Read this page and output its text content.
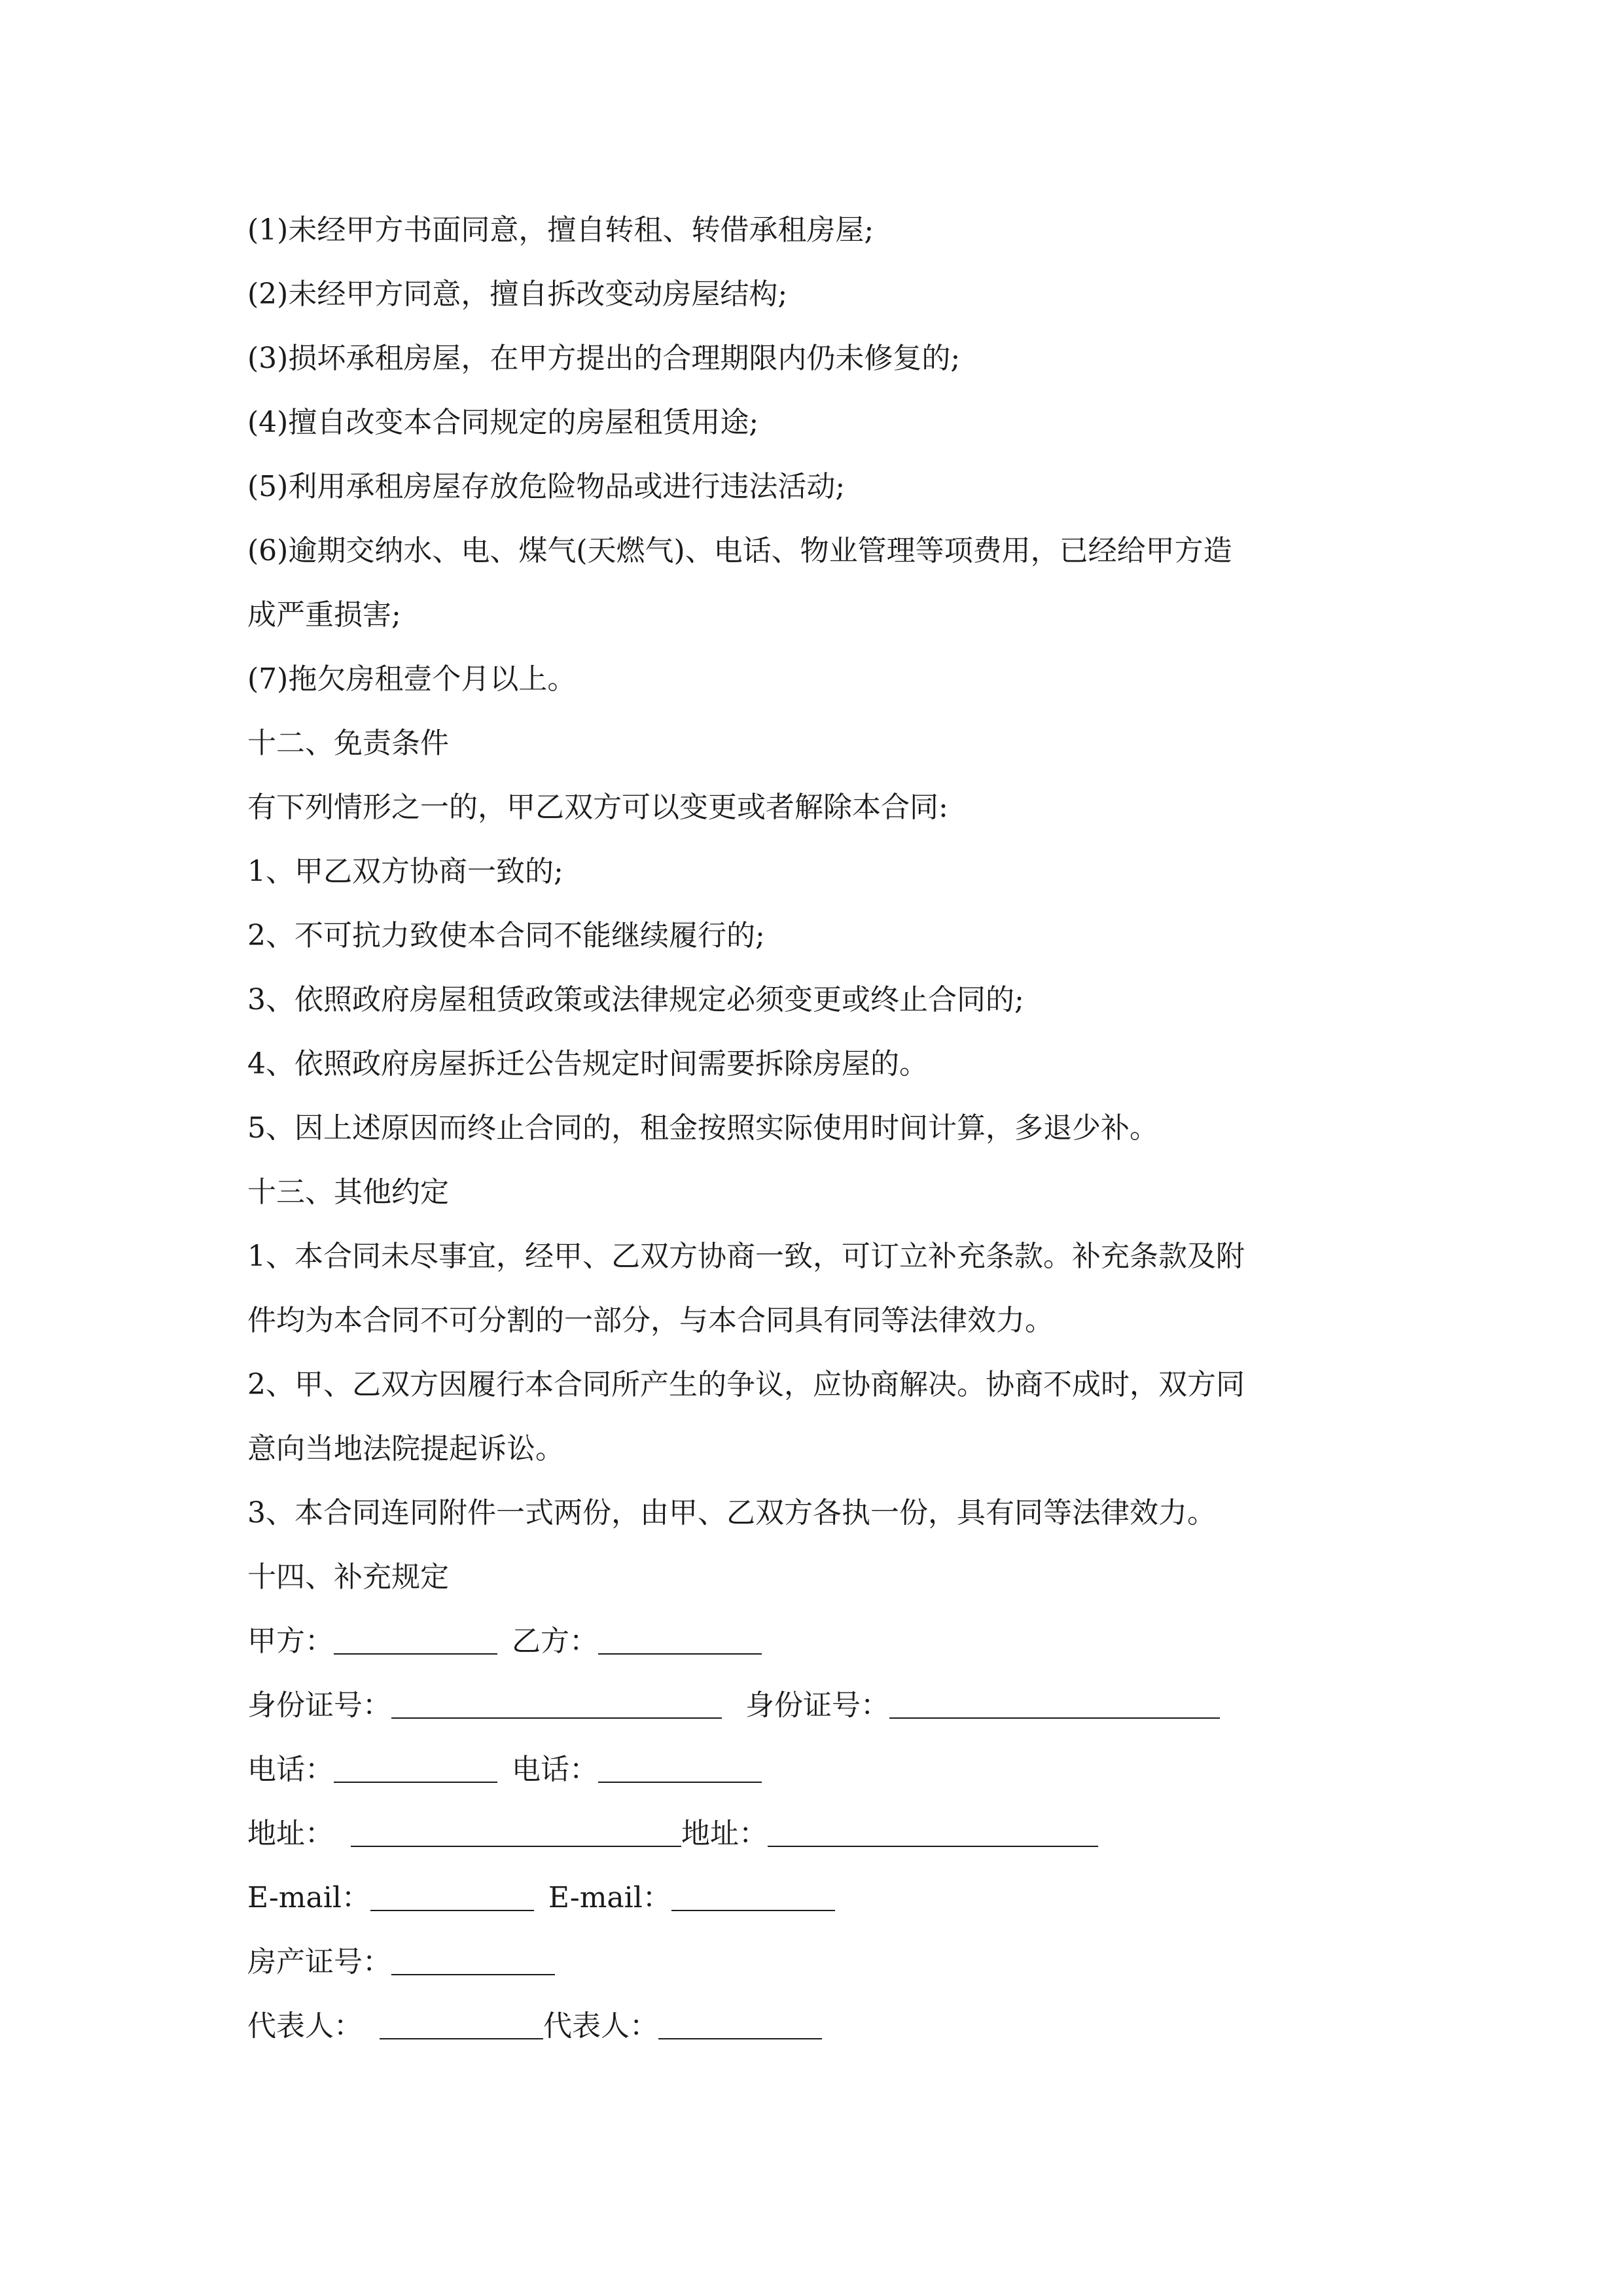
(1)未经甲方书面同意，擅自转租、转借承租房屋;
(2)未经甲方同意，擅自拆改变动房屋结构;
(3)损坏承租房屋，在甲方提出的合理期限内仍未修复的;
(4)擅自改变本合同规定的房屋租赁用途;
(5)利用承租房屋存放危险物品或进行违法活动;
(6)逾期交纳水、电、煤气(天燃气)、电话、物业管理等项费用，已经给甲方造
成严重损害;
(7)拖欠房租壹个月以上。
十二、免责条件
有下列情形之一的，甲乙双方可以变更或者解除本合同:
1、甲乙双方协商一致的;
2、不可抗力致使本合同不能继续履行的;
3、依照政府房屋租赁政策或法律规定必须变更或终止合同的;
4、依照政府房屋拆迁公告规定时间需要拆除房屋的。
5、因上述原因而终止合同的，租金按照实际使用时间计算，多退少补。
十三、其他约定
1、本合同未尽事宜，经甲、乙双方协商一致，可订立补充条款。补充条款及附
件均为本合同不可分割的一部分，与本合同具有同等法律效力。
2、甲、乙双方因履行本合同所产生的争议，应协商解决。协商不成时，双方同
意向当地法院提起诉讼。
3、本合同连同附件一式两份，由甲、乙双方各执一份，具有同等法律效力。
十四、补充规定
甲方：	乙方：
身份证号：	身份证号：
电话：	电话：
地址：	地址：
E-mail：	E-mail：
房产证号：
代表人：	代表人：
